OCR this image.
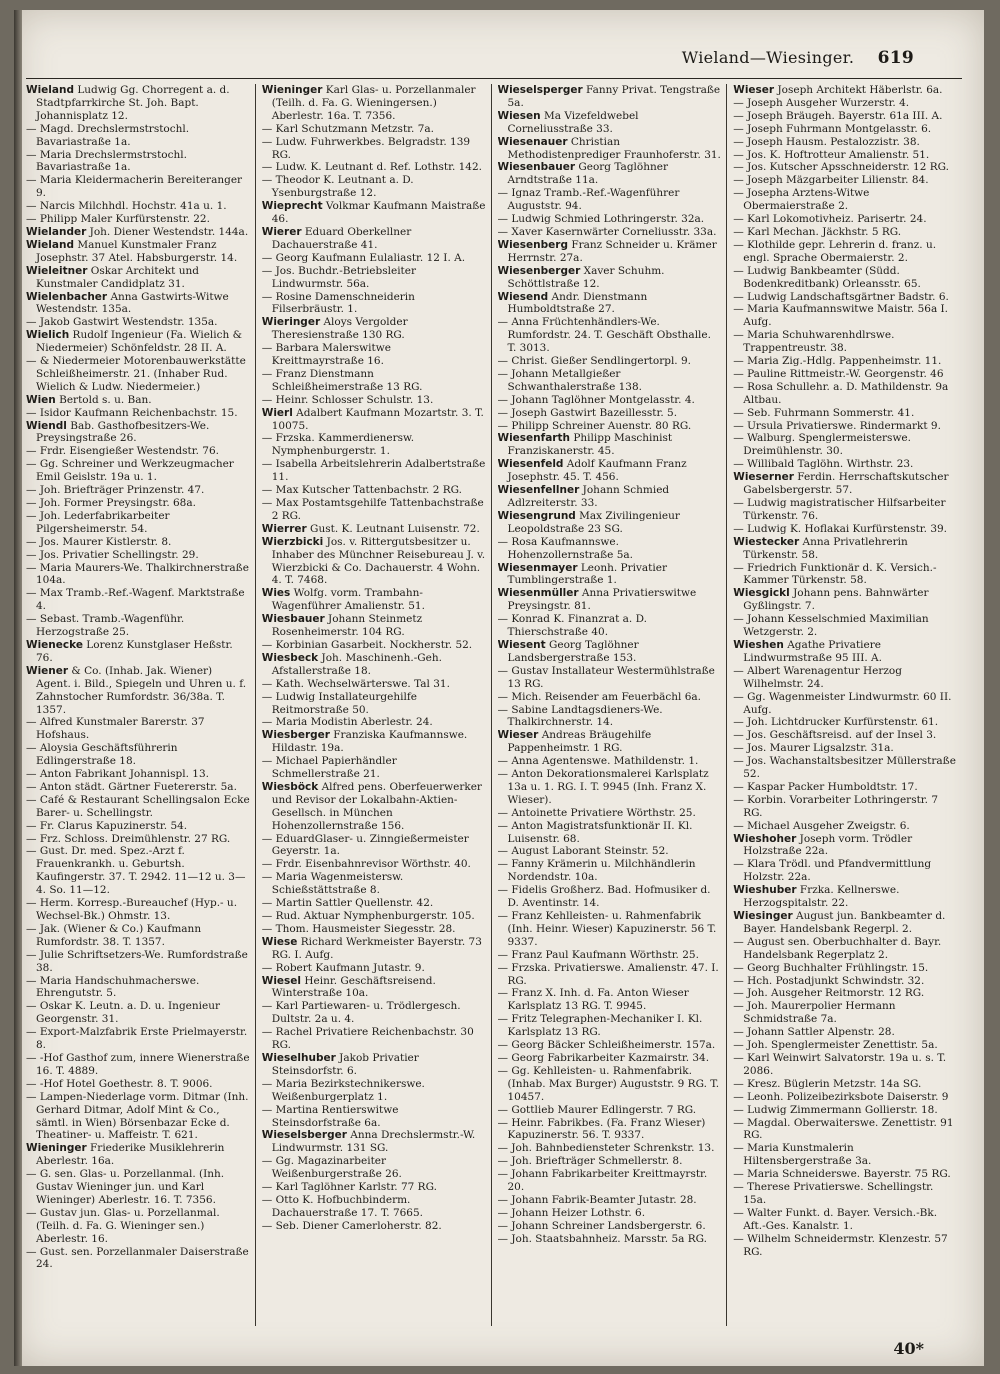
Wieland—Wiesinger. 619

Wieland Ludwig Gg. Chorregent a. d. Stadtpfarrkirche St. Joh. Bapt. Johannisplatz 12.

— Magd. Drechslermstrstochl. Bavariastraße 1a.

— Maria Drechslermstrstochl. Bavariastraße 1a.

— Maria Kleidermacherin Bereiteranger 9.

— Narcis Milchhdl. Hochstr. 41a u. 1.

— Philipp Maler Kurfürstenstr. 22.

Wielander Joh. Diener Westendstr. 144a.

Wieland Manuel Kunstmaler Franz Josephstr. 37 Atel. Habsburgerstr. 14.

Wieleitner Oskar Architekt und Kunstmaler Candidplatz 31.

Wielenbacher Anna Gastwirts-Witwe Westendstr. 135a.

— Jakob Gastwirt Westendstr. 135a.

Wielich Rudolf Ingenieur (Fa. Wielich & Niedermeier) Schönfeldstr. 28 II. A.

— & Niedermeier Motorenbauwerkstätte Schleißheimerstr. 21. (Inhaber Rud. Wielich & Ludw. Niedermeier.)

Wien Bertold s. u. Ban.

— Isidor Kaufmann Reichenbachstr. 15.

Wiendl Bab. Gasthofbesitzers-We. Preysingstraße 26.

— Frdr. Eisengießer Westendstr. 76.

— Gg. Schreiner und Werkzeugmacher Emil Geislstr. 19a u. 1.

— Joh. Briefträger Prinzenstr. 47.

— Joh. Former Preysingstr. 68a.

— Joh. Lederfabrikarbeiter Pilgersheimerstr. 54.

— Jos. Maurer Kistlerstr. 8.

— Jos. Privatier Schellingstr. 29.

— Maria Maurers-We. Thalkirchnerstraße 104a.

— Max Tramb.-Ref.-Wagenf. Marktstraße 4.

— Sebast. Tramb.-Wagenführ. Herzogstraße 25.

Wienecke Lorenz Kunstglaser Heßstr. 76.

Wiener & Co. (Inhab. Jak. Wiener) Agent. i. Bild., Spiegeln und Uhren u. f. Zahnstocher Rumfordstr. 36/38a. T. 1357.

— Alfred Kunstmaler Barerstr. 37 Hofshaus.

— Aloysia Geschäftsführerin Edlingerstraße 18.

— Anton Fabrikant Johannispl. 13.

— Anton städt. Gärtner Fuetererstr. 5a.

— Café & Restaurant Schellingsalon Ecke Barer- u. Schellingstr.

— Fr. Clarus Kapuzinerstr. 54.

— Frz. Schloss. Dreimühlenstr. 27 RG.

— Gust. Dr. med. Spez.-Arzt f. Frauenkrankh. u. Geburtsh. Kaufingerstr. 37. T. 2942. 11—12 u. 3—4. So. 11—12.

— Herm. Korresp.-Bureauchef (Hyp.- u. Wechsel-Bk.) Ohmstr. 13.

— Jak. (Wiener & Co.) Kaufmann Rumfordstr. 38. T. 1357.

— Julie Schriftsetzers-We. Rumfordstraße 38.

— Maria Handschuhmacherswe. Ehrengutstr. 5.

— Oskar K. Leutn. a. D. u. Ingenieur Georgenstr. 31.

— Export-Malzfabrik Erste Prielmayerstr. 8.

— -Hof Gasthof zum, innere Wienerstraße 16. T. 4889.

— -Hof Hotel Goethestr. 8. T. 9006.

— Lampen-Niederlage vorm. Ditmar (Inh. Gerhard Ditmar, Adolf Mint & Co., sämtl. in Wien) Börsenbazar Ecke d. Theatiner- u. Maffeistr. T. 621.

Wieninger Friederike Musiklehrerin Aberlestr. 16a.

— G. sen. Glas- u. Porzellanmal. (Inh. Gustav Wieninger jun. und Karl Wieninger) Aberlestr. 16. T. 7356.

— Gustav jun. Glas- u. Porzellanmal. (Teilh. d. Fa. G. Wieninger sen.) Aberlestr. 16.

— Gust. sen. Porzellanmaler Daiserstraße 24.

Wieninger Karl Glas- u. Porzellanmaler (Teilh. d. Fa. G. Wieningersen.) Aberlestr. 16a. T. 7356.

— Karl Schutzmann Metzstr. 7a.

— Ludw. Fuhrwerkbes. Belgradstr. 139 RG.

— Ludw. K. Leutnant d. Ref. Lothstr. 142.

— Theodor K. Leutnant a. D. Ysenburgstraße 12.

Wieprecht Volkmar Kaufmann Maistraße 46.

Wierer Eduard Oberkellner Dachauerstraße 41.

— Georg Kaufmann Eulaliastr. 12 I. A.

— Jos. Buchdr.-Betriebsleiter Lindwurmstr. 56a.

— Rosine Damenschneiderin Filserbräustr. 1.

Wieringer Aloys Vergolder Theresienstraße 130 RG.

— Barbara Malerswitwe Kreittmayrstraße 16.

— Franz Dienstmann Schleißheimerstraße 13 RG.

— Heinr. Schlosser Schulstr. 13.

Wierl Adalbert Kaufmann Mozartstr. 3. T. 10075.

— Frzska. Kammerdienersw. Nymphenburgerstr. 1.

— Isabella Arbeitslehrerin Adalbertstraße 11.

— Max Kutscher Tattenbachstr. 2 RG.

— Max Postamtsgehilfe Tattenbachstraße 2 RG.

Wierrer Gust. K. Leutnant Luisenstr. 72.

Wierzbicki Jos. v. Rittergutsbesitzer u. Inhaber des Münchner Reisebureau J. v. Wierzbicki & Co. Dachauerstr. 4 Wohn. 4. T. 7468.

Wies Wolfg. vorm. Trambahn-Wagenführer Amalienstr. 51.

Wiesbauer Johann Steinmetz Rosenheimerstr. 104 RG.

— Korbinian Gasarbeit. Nockherstr. 52.

Wiesbeck Joh. Maschinenh.-Geh. Afstallerstraße 18.

— Kath. Wechselwärterswe. Tal 31.

— Ludwig Installateurgehilfe Reitmorstraße 50.

— Maria Modistin Aberlestr. 24.

Wiesberger Franziska Kaufmannswe. Hildastr. 19a.

— Michael Papierhändler Schmellerstraße 21.

Wiesböck Alfred pens. Oberfeuerwerker und Revisor der Lokalbahn-Aktien-Gesellsch. in München Hohenzollernstraße 156.

— EduardGlaser- u. Zinngießermeister Geyerstr. 1a.

— Frdr. Eisenbahnrevisor Wörthstr. 40.

— Maria Wagenmeistersw. Schießstättstraße 8.

— Martin Sattler Quellenstr. 42.

— Rud. Aktuar Nymphenburgerstr. 105.

— Thom. Hausmeister Siegesstr. 28.

Wiese Richard Werkmeister Bayerstr. 73 RG. I. Aufg.

— Robert Kaufmann Jutastr. 9.

Wiesel Heinr. Geschäftsreisend. Winterstraße 10a.

— Karl Partiewaren- u. Trödlergesch. Dultstr. 2a u. 4.

— Rachel Privatiere Reichenbachstr. 30 RG.

Wieselhuber Jakob Privatier Steinsdorfstr. 6.

— Maria Bezirkstechnikerswe. Weißenburgerplatz 1.

— Martina Rentierswitwe Steinsdorfstraße 6a.

Wieselsberger Anna Drechslermstr.-W. Lindwurmstr. 131 SG.

— Gg. Magazinarbeiter Weißenburgerstraße 26.

— Karl Taglöhner Karlstr. 77 RG.

— Otto K. Hofbuchbinderm. Dachauerstraße 17. T. 7665.

— Seb. Diener Camerloherstr. 82.

Wieselsperger Fanny Privat. Tengstraße 5a.

Wiesen Ma Vizefeldwebel Corneliusstraße 33.

Wiesenauer Christian Methodistenprediger Fraunhoferstr. 31.

Wiesenbauer Georg Taglöhner Arndtstraße 11a.

— Ignaz Tramb.-Ref.-Wagenführer Auguststr. 94.

— Ludwig Schmied Lothringerstr. 32a.

— Xaver Kasernwärter Corneliusstr. 33a.

Wiesenberg Franz Schneider u. Krämer Herrnstr. 27a.

Wiesenberger Xaver Schuhm. Schöttlstraße 12.

Wiesend Andr. Dienstmann Humboldtstraße 27.

— Anna Früchtenhändlers-We. Rumfordstr. 24. T. Geschäft Obsthalle. T. 3013.

— Christ. Gießer Sendlingertorpl. 9.

— Johann Metallgießer Schwanthalerstraße 138.

— Johann Taglöhner Montgelasstr. 4.

— Joseph Gastwirt Bazeillesstr. 5.

— Philipp Schreiner Auenstr. 80 RG.

Wiesenfarth Philipp Maschinist Franziskanerstr. 45.

Wiesenfeld Adolf Kaufmann Franz Josephstr. 45. T. 456.

Wiesenfellner Johann Schmied Adlzreiterstr. 33.

Wiesengrund Max Zivilingenieur Leopoldstraße 23 SG.

— Rosa Kaufmannswe. Hohenzollernstraße 5a.

Wiesenmayer Leonh. Privatier Tumblingerstraße 1.

Wiesenmüller Anna Privatierswitwe Preysingstr. 81.

— Konrad K. Finanzrat a. D. Thierschstraße 40.

Wiesent Georg Taglöhner Landsbergerstraße 153.

— Gustav Installateur Westermühlstraße 13 RG.

— Mich. Reisender am Feuerbächl 6a.

— Sabine Landtagsdieners-We. Thalkirchnerstr. 14.

Wieser Andreas Bräugehilfe Pappenheimstr. 1 RG.

— Anna Agentenswe. Mathildenstr. 1.

— Anton Dekorationsmalerei Karlsplatz 13a u. 1. RG. I. T. 9945 (Inh. Franz X. Wieser).

— Antoinette Privatiere Wörthstr. 25.

— Anton Magistratsfunktionär II. Kl. Luisenstr. 68.

— August Laborant Steinstr. 52.

— Fanny Krämerin u. Milchhändlerin Nordendstr. 10a.

— Fidelis Großherz. Bad. Hofmusiker d. D. Aventinstr. 14.

— Franz Kehlleisten- u. Rahmenfabrik (Inh. Heinr. Wieser) Kapuzinerstr. 56 T. 9337.

— Franz Paul Kaufmann Wörthstr. 25.

— Frzska. Privatierswe. Amalienstr. 47. I. RG.

— Franz X. Inh. d. Fa. Anton Wieser Karlsplatz 13 RG. T. 9945.

— Fritz Telegraphen-Mechaniker I. Kl. Karlsplatz 13 RG.

— Georg Bäcker Schleißheimerstr. 157a.

— Georg Fabrikarbeiter Kazmairstr. 34.

— Gg. Kehlleisten- u. Rahmenfabrik. (Inhab. Max Burger) Auguststr. 9 RG. T. 10457.

— Gottlieb Maurer Edlingerstr. 7 RG.

— Heinr. Fabrikbes. (Fa. Franz Wieser) Kapuzinerstr. 56. T. 9337.

— Joh. Bahnbediensteter Schrenkstr. 13.

— Joh. Briefträger Schmellerstr. 8.

— Johann Fabrikarbeiter Kreittmayrstr. 20.

— Johann Fabrik-Beamter Jutastr. 28.

— Johann Heizer Lothstr. 6.

— Johann Schreiner Landsbergerstr. 6.

— Joh. Staatsbahnheiz. Marsstr. 5a RG.

Wieser Joseph Architekt Häberlstr. 6a.

— Joseph Ausgeher Wurzerstr. 4.

— Joseph Bräugeh. Bayerstr. 61a III. A.

— Joseph Fuhrmann Montgelasstr. 6.

— Joseph Hausm. Pestalozzistr. 38.

— Jos. K. Hoftrotteur Amalienstr. 51.

— Jos. Kutscher Apsschneiderstr. 12 RG.

— Joseph Mäzgarbeiter Lilienstr. 84.

— Josepha Arztens-Witwe Obermaierstraße 2.

— Karl Lokomotivheiz. Parisertr. 24.

— Karl Mechan. Jäckhstr. 5 RG.

— Klothilde gepr. Lehrerin d. franz. u. engl. Sprache Obermaierstr. 2.

— Ludwig Bankbeamter (Südd. Bodenkreditbank) Orleansstr. 65.

— Ludwig Landschaftsgärtner Badstr. 6.

— Maria Kaufmannswitwe Maistr. 56a I. Aufg.

— Maria Schuhwarenhdlrswe. Trappentreustr. 38.

— Maria Zig.-Hdlg. Pappenheimstr. 11.

— Pauline Rittmeistr.-W. Georgenstr. 46

— Rosa Schullehr. a. D. Mathildenstr. 9a Altbau.

— Seb. Fuhrmann Sommerstr. 41.

— Ursula Privatierswe. Rindermarkt 9.

— Walburg. Spenglermeisterswe. Dreimühlenstr. 30.

— Willibald Taglöhn. Wirthstr. 23.

Wieserner Ferdin. Herrschaftskutscher Gabelsbergerstr. 57.

— Ludwig magistratischer Hilfsarbeiter Türkenstr. 76.

— Ludwig K. Hoflakai Kurfürstenstr. 39.

Wiestecker Anna Privatlehrerin Türkenstr. 58.

— Friedrich Funktionär d. K. Versich.-Kammer Türkenstr. 58.

Wiesgickl Johann pens. Bahnwärter Gyßlingstr. 7.

— Johann Kesselschmied Maximilian Wetzgerstr. 2.

Wieshen Agathe Privatiere Lindwurmstraße 95 III. A.

— Albert Warenagentur Herzog Wilhelmstr. 24.

— Gg. Wagenmeister Lindwurmstr. 60 II. Aufg.

— Joh. Lichtdrucker Kurfürstenstr. 61.

— Jos. Geschäftsreisd. auf der Insel 3.

— Jos. Maurer Ligsalzstr. 31a.

— Jos. Wachanstaltsbesitzer Müllerstraße 52.

— Kaspar Packer Humboldtstr. 17.

— Korbin. Vorarbeiter Lothringerstr. 7 RG.

— Michael Ausgeher Zweigstr. 6.

Wieshoher Joseph vorm. Trödler Holzstraße 22a.

— Klara Trödl. und Pfandvermittlung Holzstr. 22a.

Wieshuber Frzka. Kellnerswe. Herzogspitalstr. 22.

Wiesinger August jun. Bankbeamter d. Bayer. Handelsbank Regerpl. 2.

— August sen. Oberbuchhalter d. Bayr. Handelsbank Regerplatz 2.

— Georg Buchhalter Frühlingstr. 15.

— Hch. Postadjunkt Schwindstr. 32.

— Joh. Ausgeher Reitmorstr. 12 RG.

— Joh. Maurerpolier Hermann Schmidstraße 7a.

— Johann Sattler Alpenstr. 28.

— Joh. Spenglermeister Zenettistr. 5a.

— Karl Weinwirt Salvatorstr. 19a u. s. T. 2086.

— Kresz. Büglerin Metzstr. 14a SG.

— Leonh. Polizeibezirksbote Daiserstr. 9

— Ludwig Zimmermann Gollierstr. 18.

— Magdal. Oberwaiterswe. Zenettistr. 91 RG.

— Maria Kunstmalerin Hiltensbergerstraße 3a.

— Maria Schneiderswe. Bayerstr. 75 RG.

— Therese Privatierswe. Schellingstr. 15a.

— Walter Funkt. d. Bayer. Versich.-Bk. Aft.-Ges. Kanalstr. 1.

— Wilhelm Schneidermstr. Klenzestr. 57 RG.

40*
